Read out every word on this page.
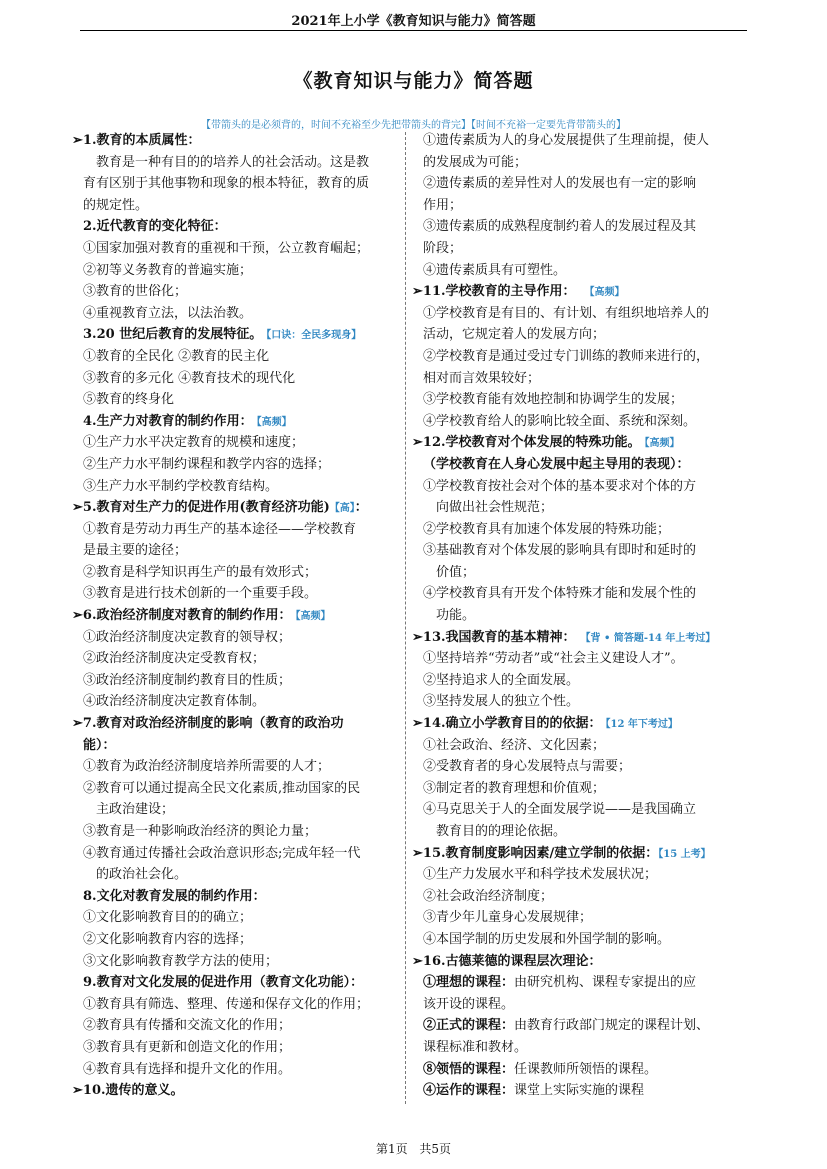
2021年上小学《教育知识与能力》简答题
《教育知识与能力》简答题
【带箭头的是必须背的，时间不充裕至少先把带箭头的背完】【时间不充裕一定要先背带箭头的】
➢1.教育的本质属性：
教育是一种有目的的培养人的社会活动。这是教
育有区别于其他事物和现象的根本特征，教育的质
的规定性。
2.近代教育的变化特征：
①国家加强对教育的重视和干预，公立教育崛起；
②初等义务教育的普遍实施；
③教育的世俗化；
④重视教育立法，以法治教。
3.20 世纪后教育的发展特征。 【口诀：全民多现身】
①教育的全民化 ②教育的民主化
③教育的多元化 ④教育技术的现代化
⑤教育的终身化
4.生产力对教育的制约作用： 【高频】
①生产力水平决定教育的规模和速度；
②生产力水平制约课程和教学内容的选择；
③生产力水平制约学校教育结构。
➢5.教育对生产力的促进作用(教育经济功能)【高】：
①教育是劳动力再生产的基本途径——学校教育
是最主要的途径；
②教育是科学知识再生产的最有效形式；
③教育是进行技术创新的一个重要手段。
➢6.政治经济制度对教育的制约作用： 【高频】
①政治经济制度决定教育的领导权；
②政治经济制度决定受教育权；
③政治经济制度制约教育目的性质；
④政治经济制度决定教育体制。
➢7.教育对政治经济制度的影响（教育的政治功
能）：
①教育为政治经济制度培养所需要的人才；
②教育可以通过提高全民文化素质,推动国家的民
主政治建设；
③教育是一种影响政治经济的舆论力量；
④教育通过传播社会政治意识形态;完成年轻一代
的政治社会化。
8.文化对教育发展的制约作用：
①文化影响教育目的的确立；
②文化影响教育内容的选择；
③文化影响教育教学方法的使用；
9.教育对文化发展的促进作用（教育文化功能）：
①教育具有筛选、整理、传递和保存文化的作用；
②教育具有传播和交流文化的作用；
③教育具有更新和创造文化的作用；
④教育具有选择和提升文化的作用。
➢10.遗传的意义。
①遗传素质为人的身心发展提供了生理前提，使人
的发展成为可能；
②遗传素质的差异性对人的发展也有一定的影响
作用；
③遗传素质的成熟程度制约着人的发展过程及其
阶段；
④遗传素质具有可塑性。
➢11.学校教育的主导作用： 【高频】
①学校教育是有目的、有计划、有组织地培养人的
活动，它规定着人的发展方向；
②学校教育是通过受过专门训练的教师来进行的，
相对而言效果较好；
③学校教育能有效地控制和协调学生的发展；
④学校教育给人的影响比较全面、系统和深刻。
➢12.学校教育对个体发展的特殊功能。 【高频】
（学校教育在人身心发展中起主导用的表现）：
①学校教育按社会对个体的基本要求对个体的方
向做出社会性规范；
②学校教育具有加速个体发展的特殊功能；
③基础教育对个体发展的影响具有即时和延时的
价值；
④学校教育具有开发个体特殊才能和发展个性的
功能。
➢13.我国教育的基本精神： 【背 • 简答题-14 年上考过】
①坚持培养“劳动者”或“社会主义建设人才”。
②坚持追求人的全面发展。
③坚持发展人的独立个性。
➢14.确立小学教育目的的依据： 【12 年下考过】
①社会政治、经济、文化因素；
②受教育者的身心发展特点与需要；
③制定者的教育理想和价值观；
④马克思关于人的全面发展学说——是我国确立
教育目的的理论依据。
➢15.教育制度影响因素/建立学制的依据：【15 上考】
①生产力发展水平和科学技术发展状况；
②社会政治经济制度；
③青少年儿童身心发展规律；
④本国学制的历史发展和外国学制的影响。
➢16.古德莱德的课程层次理论：
①理想的课程：由研究机构、课程专家提出的应
该开设的课程。
②正式的课程：由教育行政部门规定的课程计划、
课程标准和教材。
⑧领悟的课程：任课教师所领悟的课程。
④运作的课程：课堂上实际实施的课程
第1页 共5页
